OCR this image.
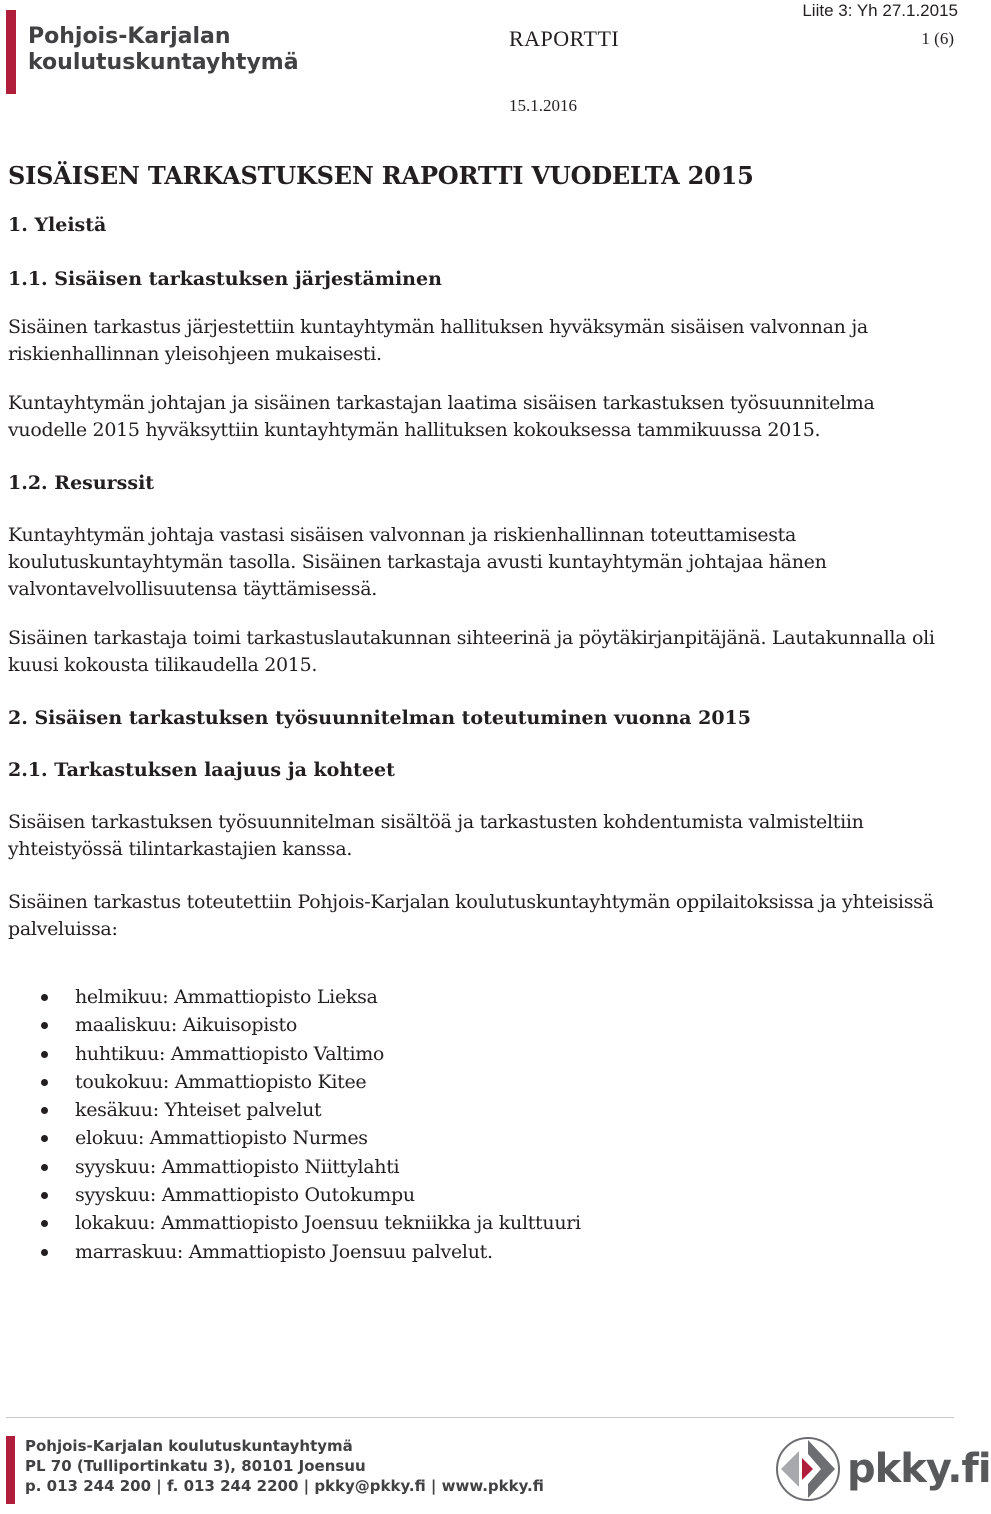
Pohjois-Karjalan
koulutuskuntayhtymä
Liite 3: Yh 27.1.2015
RAPORTTI	1 (6)
15.1.2016
SISÄISEN TARKASTUKSEN RAPORTTI VUODELTA 2015
1. Yleistä
1.1. Sisäisen tarkastuksen järjestäminen

Sisäinen tarkastus järjestettiin kuntayhtymän hallituksen hyväksymän sisäisen valvonnan ja riskienhallinnan yleisohjeen mukaisesti.

Kuntayhtymän johtajan ja sisäinen tarkastajan laatima sisäisen tarkastuksen työsuunnitelma vuodelle 2015 hyväksyttiin kuntayhtymän hallituksen kokouksessa tammikuussa 2015.

1.2. Resurssit

Kuntayhtymän johtaja vastasi sisäisen valvonnan ja riskienhallinnan toteuttamisesta koulutuskuntayhtymän tasolla. Sisäinen tarkastaja avusti kuntayhtymän johtajaa hänen valvontavelvollisuutensa täyttämisessä.

Sisäinen tarkastaja toimi tarkastuslautakunnan sihteerinä ja pöytäkirjanpitäjänä. Lautakunnalla oli kuusi kokousta tilikaudella 2015.

2. Sisäisen tarkastuksen työsuunnitelman toteutuminen vuonna 2015
2.1. Tarkastuksen laajuus ja kohteet

Sisäisen tarkastuksen työsuunnitelman sisältöä ja tarkastusten kohdentumista valmisteltiin yhteistyössä tilintarkastajien kanssa.

Sisäinen tarkastus toteutettiin Pohjois-Karjalan koulutuskuntayhtymän oppilaitoksissa ja yhteisissä palveluissa:

helmikuu: Ammattiopisto Lieksa
maaliskuu: Aikuisopisto
huhtikuu: Ammattiopisto Valtimo
toukokuu: Ammattiopisto Kitee
kesäkuu: Yhteiset palvelut
elokuu: Ammattiopisto Nurmes
syyskuu: Ammattiopisto Niittylahti
syyskuu: Ammattiopisto Outokumpu
lokakuu: Ammattiopisto Joensuu tekniikka ja kulttuuri
marraskuu: Ammattiopisto Joensuu palvelut.
Pohjois-Karjalan koulutuskuntayhtymä
PL 70 (Tulliportinkatu 3), 80101 Joensuu
p. 013 244 200 | f. 013 244 2200 | pkky@pkky.fi | www.pkky.fi	pkky.fi
